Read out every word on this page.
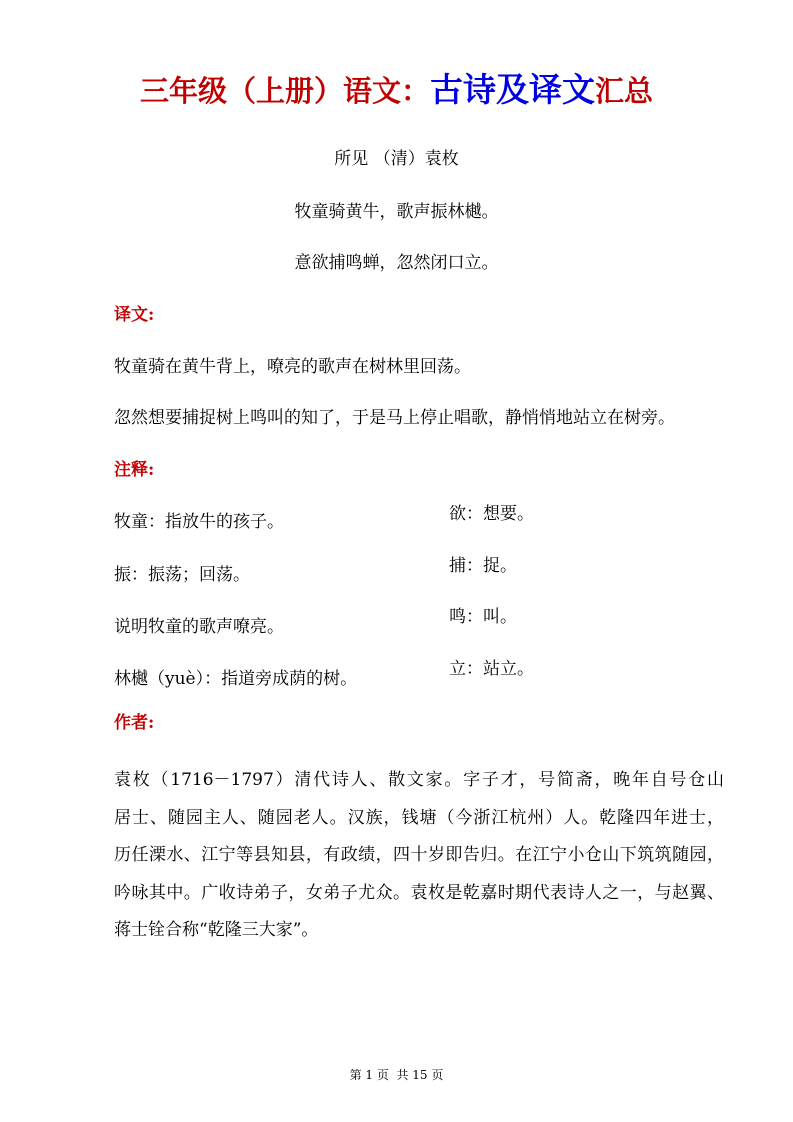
三年级（上册）语文：古诗及译文汇总
所见 （清）袁枚
牧童骑黄牛，歌声振林樾。
意欲捕鸣蝉，忽然闭口立。
译文:
牧童骑在黄牛背上，嘹亮的歌声在树林里回荡。
忽然想要捕捉树上鸣叫的知了，于是马上停止唱歌，静悄悄地站立在树旁。
注释:
牧童：指放牛的孩子。
振：振荡；回荡。
说明牧童的歌声嘹亮。
林樾（yuè）：指道旁成荫的树。
欲：想要。
捕：捉。
鸣：叫。
立：站立。
作者:
袁枚（1716－1797）清代诗人、散文家。字子才，号简斋，晚年自号仓山
居士、随园主人、随园老人。汉族，钱塘（今浙江杭州）人。乾隆四年进士，
历任溧水、江宁等县知县，有政绩，四十岁即告归。在江宁小仓山下筑筑随园，
吟咏其中。广收诗弟子，女弟子尤众。袁枚是乾嘉时期代表诗人之一，与赵翼、
蒋士铨合称“乾隆三大家”。
第 1 页  共 15 页
